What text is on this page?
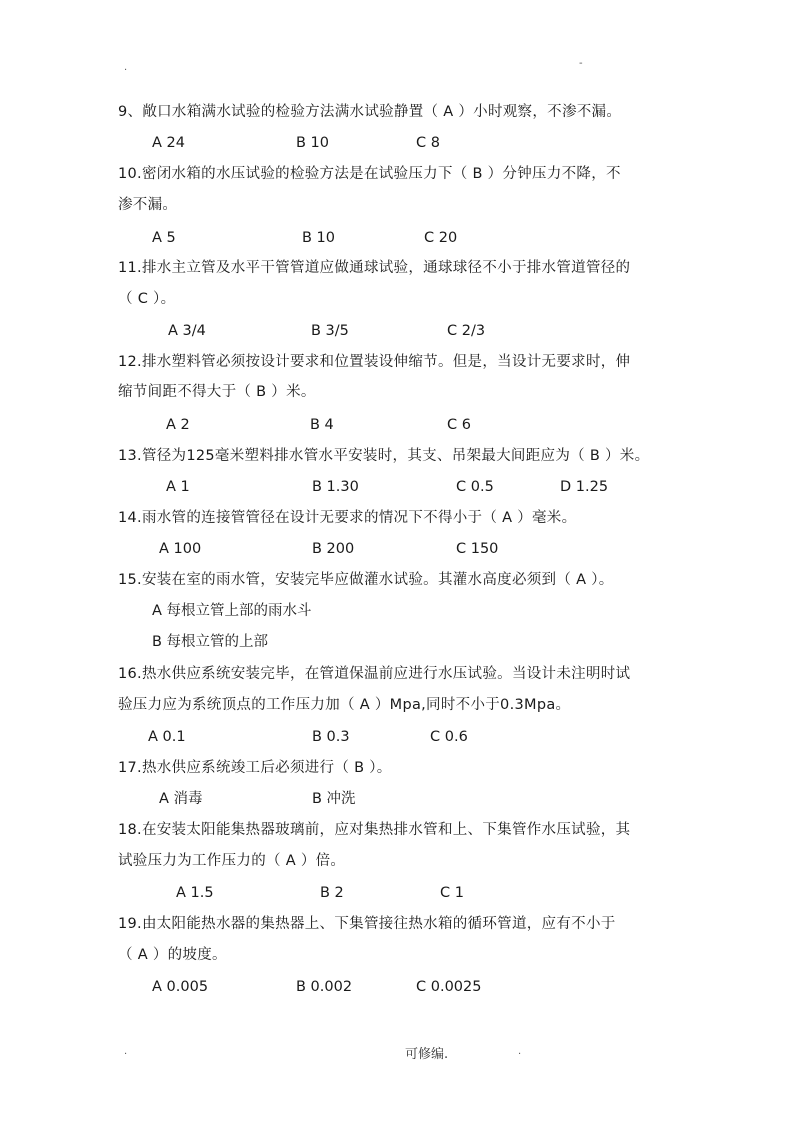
.	-
9、敞口水箱满水试验的检验方法满水试验静置（ A ）小时观察，不渗不漏。
A 24	B 10	C 8
10.密闭水箱的水压试验的检验方法是在试验压力下（ B ）分钟压力不降，不
渗不漏。
A 5	B 10	C 20
11.排水主立管及水平干管管道应做通球试验，通球球径不小于排水管道管径的
（ C ）。
A 3/4	B 3/5	C 2/3
12.排水塑料管必须按设计要求和位置装设伸缩节。但是，当设计无要求时，伸
缩节间距不得大于（ B ）米。
A 2	B 4	C 6
13.管径为125毫米塑料排水管水平安装时，其支、吊架最大间距应为（ B ）米。
A 1	B 1.30	C 0.5	D 1.25
14.雨水管的连接管管径在设计无要求的情况下不得小于（ A ）毫米。
A 100	B 200	C 150
15.安装在室的雨水管，安装完毕应做灌水试验。其灌水高度必须到（ A ）。
A 每根立管上部的雨水斗
B 每根立管的上部
16.热水供应系统安装完毕，在管道保温前应进行水压试验。当设计未注明时试
验压力应为系统顶点的工作压力加（ A ）Mpa,同时不小于0.3Mpa。
A 0.1	B 0.3	C 0.6
17.热水供应系统竣工后必须进行（ B ）。
A 消毒	B 冲洗
18.在安装太阳能集热器玻璃前，应对集热排水管和上、下集管作水压试验，其
试验压力为工作压力的（ A ）倍。
A 1.5	B 2	C 1
19.由太阳能热水器的集热器上、下集管接往热水箱的循环管道，应有不小于
（ A ）的坡度。
A 0.005	B 0.002	C 0.0025
.	可修编.	.
